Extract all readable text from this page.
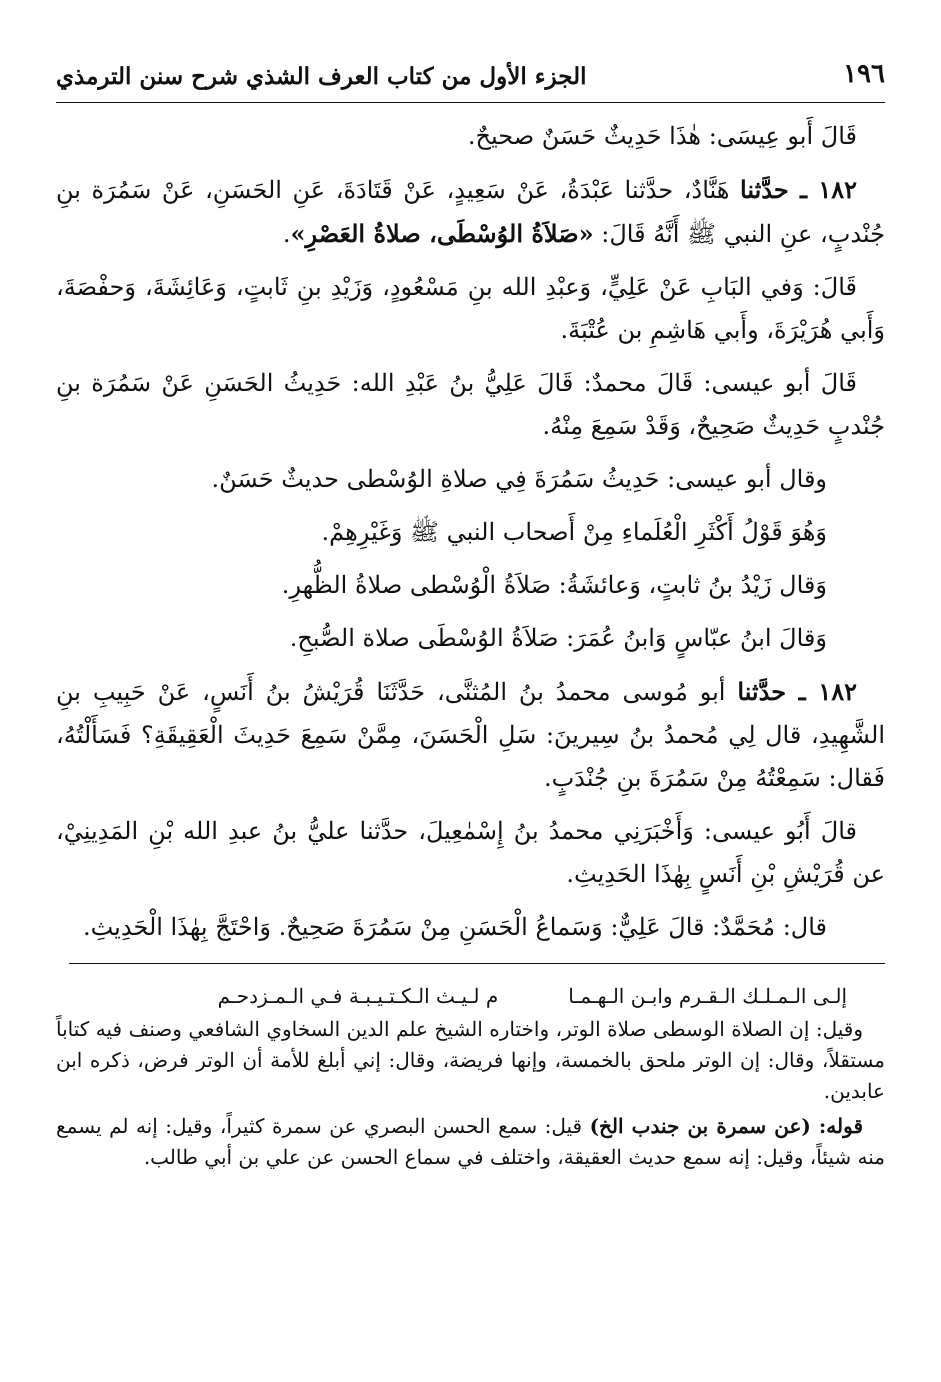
١٩٦
الجزء الأول من كتاب العرف الشذي شرح سنن الترمذي

قَالَ أَبو عِيسَى: هٰذَا حَدِيثٌ حَسَنٌ صحيحٌ.

١٨٢ ـ حدَّثنا هَنَّادٌ، حدَّثنا عَبْدَةُ، عَنْ سَعِيدٍ، عَنْ قَتَادَةَ، عَنِ الحَسَنِ، عَنْ سَمُرَة بنِ جُنْدبٍ، عنِ النبي ﷺ أَنَّهُ قَالَ: «صَلاَةُ الوُسْطَى، صلاةُ العَصْرِ».

قَالَ: وَفي البَابِ عَنْ عَلِيٍّ، وَعبْدِ الله بنِ مَسْعُودٍ، وَزَيْدِ بنِ ثَابتٍ، وَعَائِشَةَ، وَحفْصَةَ، وَأَبي هُرَيْرَةَ، وأَبي هَاشِمِ بن عُتْبَةَ.

قَالَ أبو عيسى: قَالَ محمدٌ: قَالَ عَلِيُّ بنُ عَبْدِ الله: حَدِيثُ الحَسَنِ عَنْ سَمُرَة بنِ جُنْدبٍ حَدِيثٌ صَحِيحٌ، وَقَدْ سَمِعَ مِنْهُ.

وقال أبو عيسى: حَدِيثُ سَمُرَةَ فِي صلاةِ الوُسْطى حديثٌ حَسَنٌ.

وَهُوَ قَوْلُ أَكْثَرِ الْعُلَماءِ مِنْ أَصحاب النبي ﷺ وَغَيْرِهِمْ.

وَقال زَيْدُ بنُ ثابتٍ، وَعائشَةُ: صَلاَةُ الْوُسْطى صلاةُ الظُّهرِ.

وَقالَ ابنُ عبّاسٍ وَابنُ عُمَرَ: صَلاَةُ الوُسْطَى صلاة الصُّبحِ.

١٨٢ ـ حدَّثنا أبو مُوسى محمدُ بنُ المُثنَّى، حَدَّثَنَا قُرَيْشُ بنُ أَنَسٍ، عَنْ حَبِيبِ بنِ الشَّهِيدِ، قال لِي مُحمدُ بنُ سِيرينَ: سَلِ الْحَسَنَ، مِمَّنْ سَمِعَ حَدِيثَ الْعَقِيقَةِ؟ فَسَأَلْتُهُ، فَقال: سَمِعْتُهُ مِنْ سَمُرَةَ بنِ جُنْدَبٍ.

قالَ أَبُو عيسى: وَأَخْبَرَنِي محمدُ بنُ إِسْمٰعِيلَ، حدَّثنا عليُّ بنُ عبدِ الله بْنِ المَدِينِيْ، عن قُرَيْشِ بْنِ أَنَسٍ بِهٰذَا الحَدِيثِ.

قال: مُحَمَّدٌ: قالَ عَلِيٌّ: وَسَماعُ الْحَسَنِ مِنْ سَمُرَةَ صَحِيحٌ. وَاحْتَجَّ بِهٰذَا الْحَدِيثِ.

إلـى الـمـلـك الـقـرم وابـن الـهـمـا
م لـيـث الـكـتـيـبـة فـي الـمـزدحـم

وقيل: إن الصلاة الوسطى صلاة الوتر، واختاره الشيخ علم الدين السخاوي الشافعي وصنف فيه كتاباً مستقلاً، وقال: إن الوتر ملحق بالخمسة، وإنها فريضة، وقال: إني أبلغ للأمة أن الوتر فرض، ذكره ابن عابدين.

قوله: (عن سمرة بن جندب الخ) قيل: سمع الحسن البصري عن سمرة كثيراً، وقيل: إنه لم يسمع منه شيئاً، وقيل: إنه سمع حديث العقيقة، واختلف في سماع الحسن عن علي بن أبي طالب.
